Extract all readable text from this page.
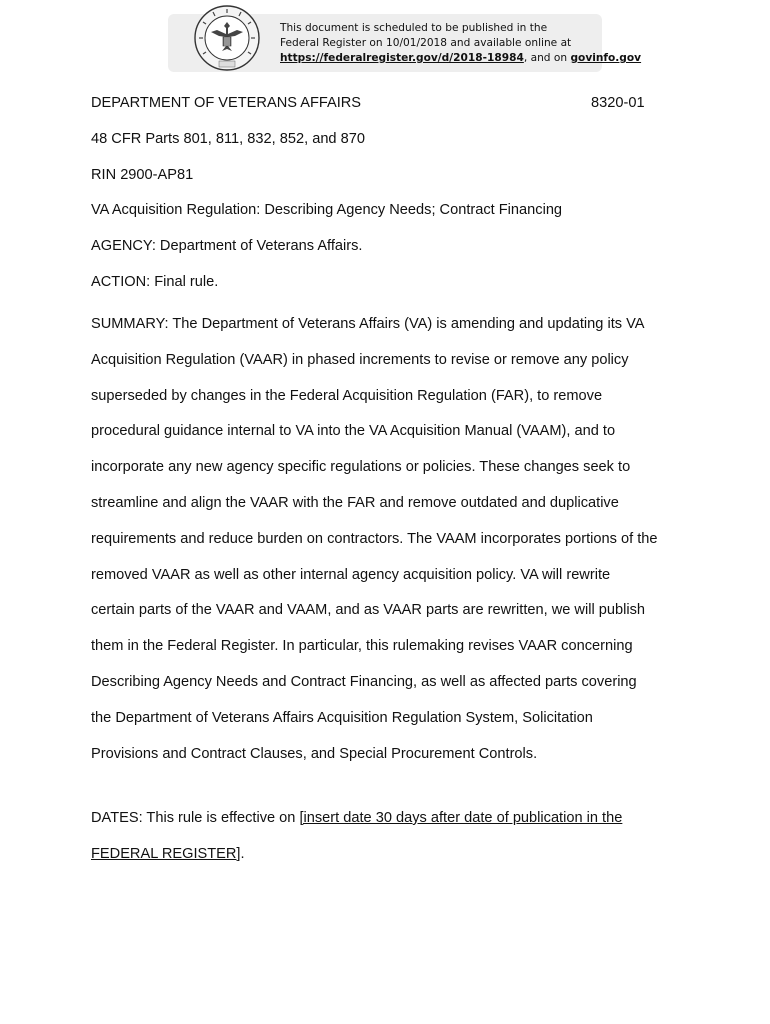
This document is scheduled to be published in the
Federal Register on 10/01/2018 and available online at
https://federalregister.gov/d/2018-18984, and on govinfo.gov
DEPARTMENT OF VETERANS AFFAIRS	8320-01
48 CFR Parts 801, 811, 832, 852, and 870
RIN 2900-AP81
VA Acquisition Regulation: Describing Agency Needs; Contract Financing
AGENCY: Department of Veterans Affairs.
ACTION: Final rule.
SUMMARY: The Department of Veterans Affairs (VA) is amending and updating its VA
Acquisition Regulation (VAAR) in phased increments to revise or remove any policy
superseded by changes in the Federal Acquisition Regulation (FAR), to remove
procedural guidance internal to VA into the VA Acquisition Manual (VAAM), and to
incorporate any new agency specific regulations or policies. These changes seek to
streamline and align the VAAR with the FAR and remove outdated and duplicative
requirements and reduce burden on contractors. The VAAM incorporates portions of the
removed VAAR as well as other internal agency acquisition policy. VA will rewrite
certain parts of the VAAR and VAAM, and as VAAR parts are rewritten, we will publish
them in the Federal Register. In particular, this rulemaking revises VAAR concerning
Describing Agency Needs and Contract Financing, as well as affected parts covering
the Department of Veterans Affairs Acquisition Regulation System, Solicitation
Provisions and Contract Clauses, and Special Procurement Controls.
DATES: This rule is effective on [insert date 30 days after date of publication in the
FEDERAL REGISTER].
